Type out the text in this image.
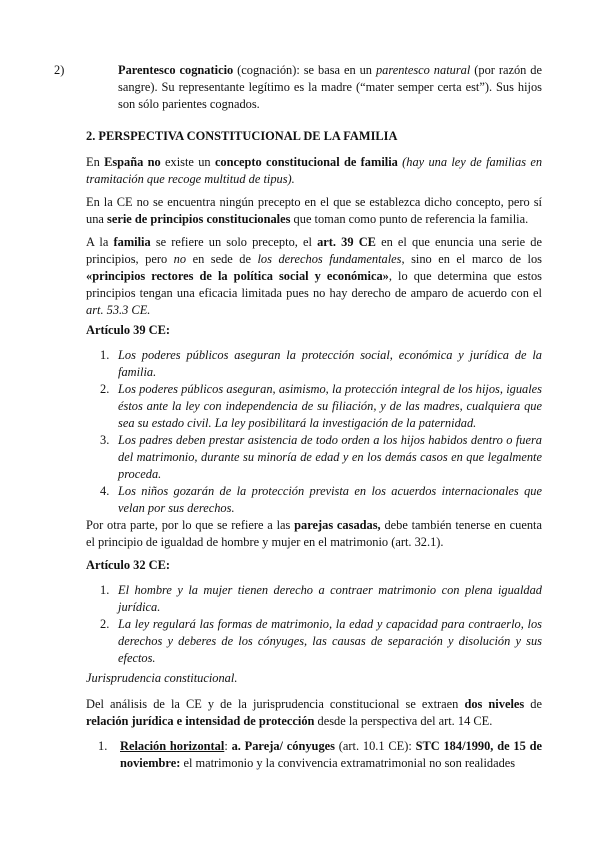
2)	Parentesco cognaticio (cognación): se basa en un parentesco natural (por razón de sangre). Su representante legítimo es la madre (“mater semper certa est”). Sus hijos son sólo parientes cognados.

2. PERSPECTIVA CONSTITUCIONAL DE LA FAMILIA

En España no existe un concepto constitucional de familia (hay una ley de familias en tramitación que recoge multitud de tipus).

En la CE no se encuentra ningún precepto en el que se establezca dicho concepto, pero sí una serie de principios constitucionales que toman como punto de referencia la familia.

A la familia se refiere un solo precepto, el art. 39 CE en el que enuncia una serie de principios, pero no en sede de los derechos fundamentales, sino en el marco de los «principios rectores de la política social y económica», lo que determina que estos principios tengan una eficacia limitada pues no hay derecho de amparo de acuerdo con el art. 53.3 CE.

Artículo 39 CE:

1. Los poderes públicos aseguran la protección social, económica y jurídica de la familia.
2. Los poderes públicos aseguran, asimismo, la protección integral de los hijos, iguales éstos ante la ley con independencia de su filiación, y de las madres, cualquiera que sea su estado civil. La ley posibilitará la investigación de la paternidad.
3. Los padres deben prestar asistencia de todo orden a los hijos habidos dentro o fuera del matrimonio, durante su minoría de edad y en los demás casos en que legalmente proceda.
4. Los niños gozarán de la protección prevista en los acuerdos internacionales que velan por sus derechos.

Por otra parte, por lo que se refiere a las parejas casadas, debe también tenerse en cuenta el principio de igualdad de hombre y mujer en el matrimonio (art. 32.1).

Artículo 32 CE:

1. El hombre y la mujer tienen derecho a contraer matrimonio con plena igualdad jurídica.
2. La ley regulará las formas de matrimonio, la edad y capacidad para contraerlo, los derechos y deberes de los cónyuges, las causas de separación y disolución y sus efectos.

Jurisprudencia constitucional.

Del análisis de la CE y de la jurisprudencia constitucional se extraen dos niveles de relación jurídica e intensidad de protección desde la perspectiva del art. 14 CE.

1. Relación horizontal: a. Pareja/ cónyuges (art. 10.1 CE): STC 184/1990, de 15 de noviembre: el matrimonio y la convivencia extramatrimonial no son realidades
